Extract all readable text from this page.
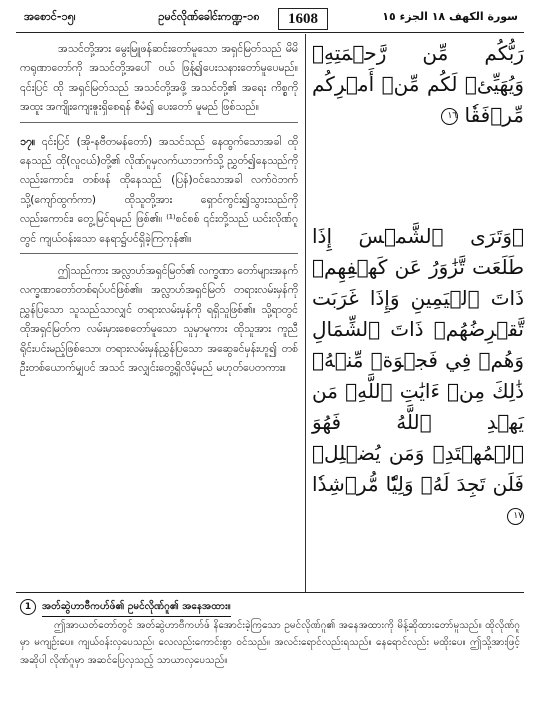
အစောင်-၁၅၊	ဥမင်လိုဏ်ခေါင်းကဏ္ဍ-၁၈	1608	سورة الكهف ١٨ الجزء ١٥
အသင်တို့အား မွေးမြူဖန်ဆင်းတော်မူသော အရှင်မြတ်သည် မိမိကရုဏာတော်ကို အသင်တို့အပေါ် ဝယ် ဖြန့်၍ပေးသနားတော်မူပေမည်။ ၎င်းပြင် ထို အရှင်မြတ်သည် အသင်တို့အဖို့ အသင်တို့၏ အရေး ကိစ္စကို အထူး အကျိုးကျေးဇူးရှိစေရန် စီမံ၍ ပေးတော် မူမည် ဖြစ်သည်။
၁၇။ ၎င်းပြင် (အို-နဗီတမန်တော်) အသင်သည် နေထွက်သောအခါ ထိုနေသည် ထို(လူငယ်)တို့၏ လိုဏ်ဂူမှလက်ယာဘက်သို့ ညွှတ်၍နေသည်ကို လည်းကောင်း၊ တစ်ဖန် ထိုနေသည် (ပြန်)ဝင်သောအခါ လက်ဝဲဘက်သို့(ကျော်ထွက်ကာ) ထိုသူတို့အား ရှောင်ကွင်း၍သွားသည်ကိုလည်းကောင်း၊ တွေ့မြင်ရမည် ဖြစ်၏။ ⁽¹⁾စင်စစ် ၎င်းတို့သည် ယင်းလိုဏ်ဂူတွင် ကျယ်ဝန်းသော နေရာ၌ပင်ရှိခဲ့ကြကုန်၏။
ဤသည်ကား အလ္လာဟ်အရှင်မြတ်၏ လက္ခဏာ တော်များအနက် လက္ခဏာတော်တစ်ရပ်ပင်ဖြစ်၏။ အလ္လာဟ်အရှင်မြတ် တရားလမ်းမှန်ကို ညွှန်ပြသော သူသည်သာလျှင် တရားလမ်းမှန်ကို ရရှိသူဖြစ်၏။ သို့ရာတွင် ထိုအရှင်မြတ်က လမ်းမှားစေတော်မူသော သူမှာမူကား ထိုသူအား ကူညီရိုင်းပင်းမည့်ဖြစ်သော၊ တရားလမ်းမှန်ညွှန်ပြသော အဆွေခင်မှန်းဟူ၍ တစ်ဦးတစ်ယောက်မျှပင် အသင် အလျှင်းတွေ့ရှိလိမ့်မည် မဟုတ်ပေတကား။
رَبُّكُم مِّن رَّحۡمَتِهِۦ وَيُهَيِّئۡ لَكُم مِّنۡ أَمۡرِكُم مِّرۡفَقٗا ١٦
۞وَتَرَى ٱلشَّمۡسَ إِذَا طَلَعَت تَّزَٰوَرُ عَن كَهۡفِهِمۡ ذَاتَ ٱلۡيَمِينِ وَإِذَا غَرَبَت تَّقۡرِضُهُمۡ ذَاتَ ٱلشِّمَالِ وَهُمۡ فِي فَجۡوَةٖ مِّنۡهُۚ ذَٰلِكَ مِنۡ ءَايَٰتِ ٱللَّهِۗ مَن يَهۡدِ ٱللَّهُ فَهُوَ ٱلۡمُهۡتَدِۖ وَمَن يُضۡلِلۡ فَلَن تَجِدَ لَهُۥ وَلِيّٗا مُّرۡشِدٗا ١٧
1	အတ်ဆွဲဟာဗီကဟ်ဖ်၏ ဥမင်လိုဏ်ဂူ၏ အနေအထား။

ဤအာယတ်တော်တွင် အတ်ဆွဲဟာဗီကဟ်ဖ် နိအောင်းခဲ့ကြသော ဥမင်လိုဏ်ဂူ၏ အနေအထားကို မိန့်ဆိုထားတော်မူသည်။ ထိုလိုဏ်ဂူမှာ မကျဉ်းပေ။ ကျယ်ဝန်းလှပေသည်၊ လေလည်းကောင်းစွာ ဝင်သည်။ အလင်းရောင်လည်းရသည်။ နေရောင်လည်း မထိုးပေ။ ဤသို့အားဖြင့် အဆိုပါ လိုဏ်ဂူမှာ အဆင်ပြေလှသည့် သာယာလှပေသည်။
